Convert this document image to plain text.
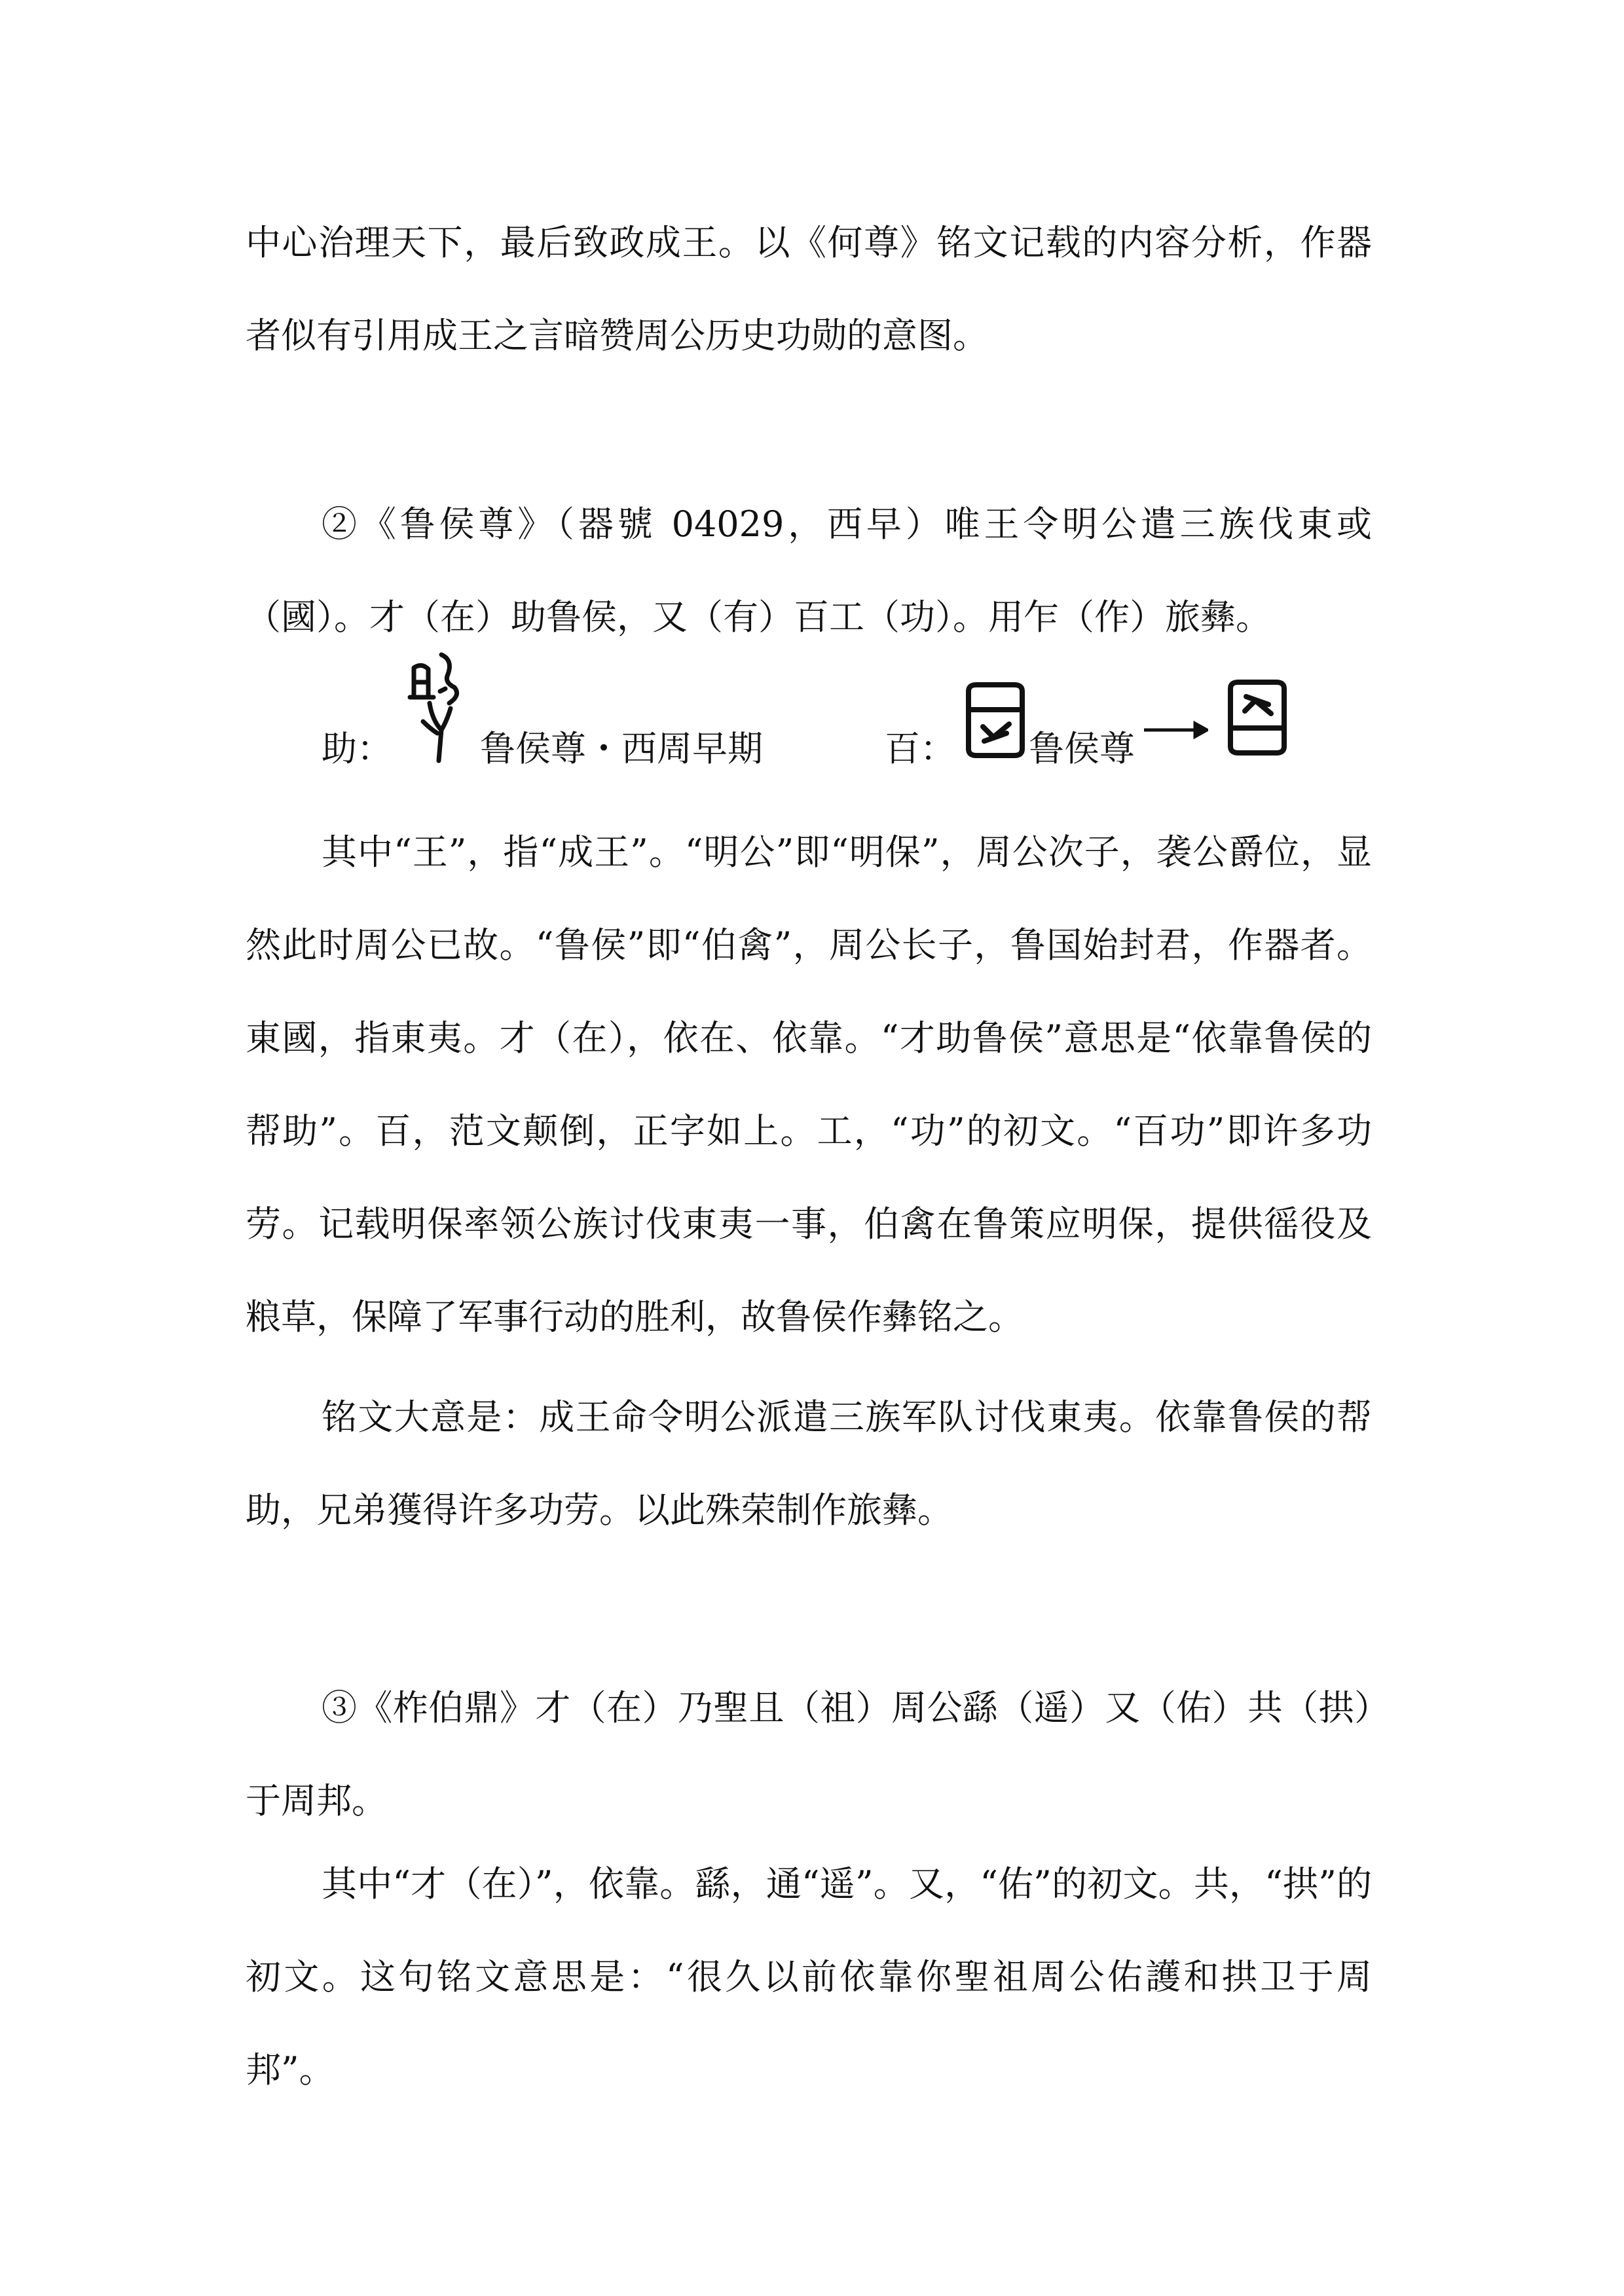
中心治理天下，最后致政成王。以《何尊》铭文记载的内容分析，作器者似有引用成王之言暗赞周公历史功勋的意图。

②《鲁侯尊》（器號 04029，西早）唯王令明公遣三族伐東或（國）。才（在）助鲁侯，又（有）百工（功）。用乍（作）旅彝。

助： 鲁侯尊・西周早期	百： 鲁侯尊

其中“王”，指“成王”。“明公”即“明保”，周公次子，袭公爵位，显然此时周公已故。“鲁侯”即“伯禽”，周公长子，鲁国始封君，作器者。東國，指東夷。才（在），依在、依靠。“才助鲁侯”意思是“依靠鲁侯的帮助”。百，范文颠倒，正字如上。工，“功”的初文。“百功”即许多功劳。记载明保率领公族讨伐東夷一事，伯禽在鲁策应明保，提供徭役及粮草，保障了军事行动的胜利，故鲁侯作彝铭之。

铭文大意是：成王命令明公派遣三族军队讨伐東夷。依靠鲁侯的帮助，兄弟獲得许多功劳。以此殊荣制作旅彝。

③《柞伯鼎》才（在）乃聖且（祖）周公繇（遥）又（佑）共（拱）于周邦。

其中“才（在）”，依靠。繇，通“遥”。又，“佑”的初文。共，“拱”的初文。这句铭文意思是：“很久以前依靠你聖祖周公佑護和拱卫于周邦”。
